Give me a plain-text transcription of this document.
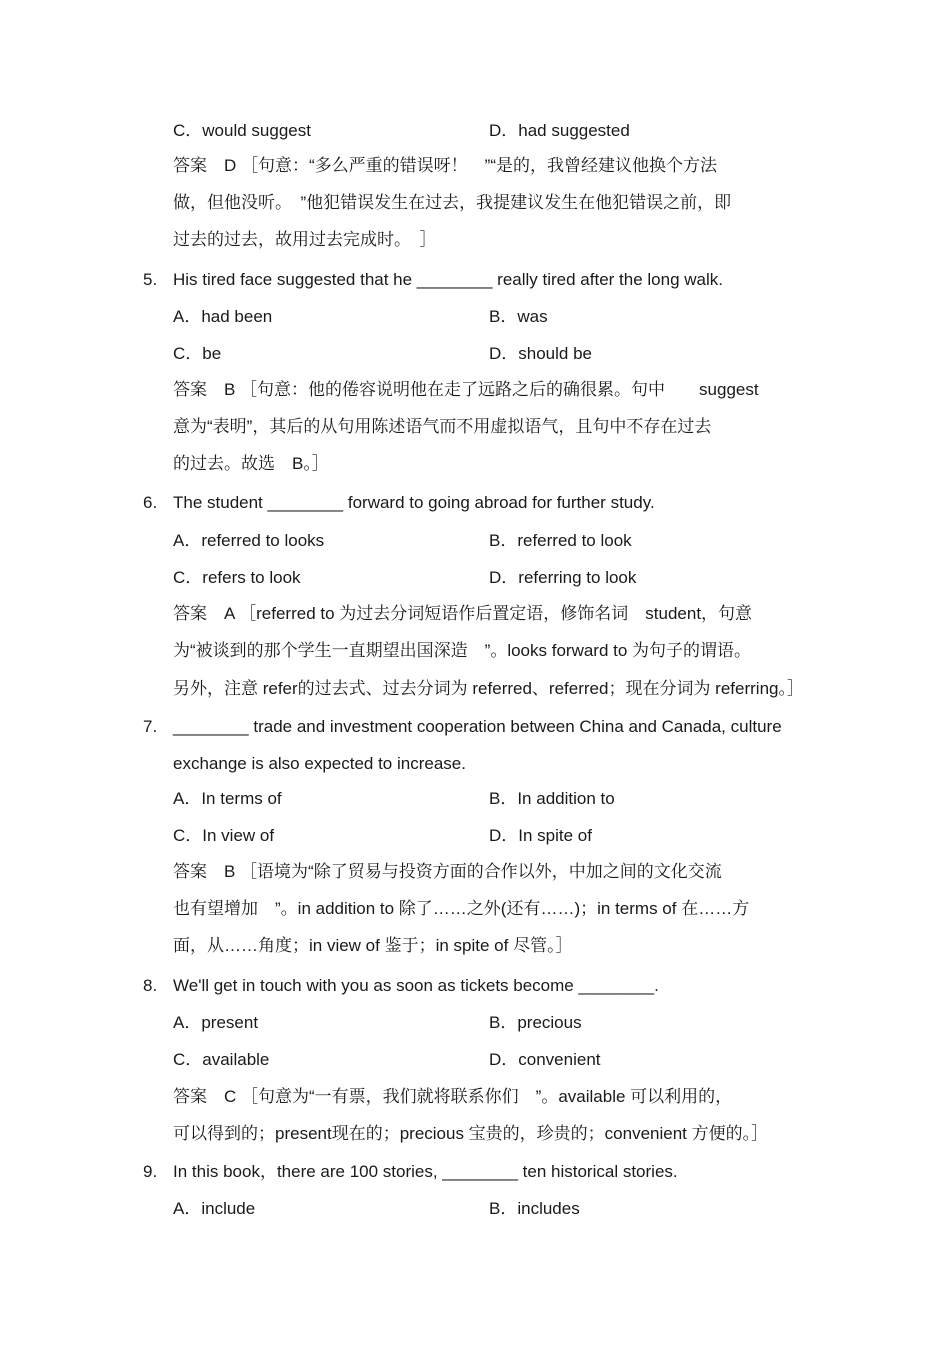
C．would suggest	D．had suggested
答案　D ［句意：“多么严重的错误呀！　”“是的，我曾经建议他换个方法
做，但他没听。　”他犯错误发生在过去，我提建议发生在他犯错误之前，即
过去的过去，故用过去完成时。　］
5. His tired face suggested that he ________ really tired after the long walk.
A．had been	B．was
C．be	D．should be
答案　B ［句意：他的倦容说明他在走了远路之后的确很累。句中　　suggest
意为“表明”，其后的从句用陈述语气而不用虚拟语气，且句中不存在过去
的过去。故选　B。］
6. The student ________ forward to going abroad for further study.
A．referred to looks	B．referred to look
C．refers to look	D．referring to look
答案　A ［referred to 为过去分词短语作后置定语，修饰名词　student，句意
为“被谈到的那个学生一直期望出国深造　”。looks forward to 为句子的谓语。
另外，注意 refer的过去式、过去分词为 referred、referred；现在分词为 referring。］
7. ________ trade and investment cooperation between China and Canada, culture
exchange is also expected to increase.
A．In terms of	B．In addition to
C．In view of	D．In spite of
答案　B ［语境为“除了贸易与投资方面的合作以外，中加之间的文化交流
也有望增加　”。in addition to 除了……之外(还有……)；in terms of 在……方
面，从……角度；in view of 鉴于；in spite of 尽管。］
8. We'll get in touch with you as soon as tickets become ________.
A．present	B．precious
C．available	D．convenient
答案　C ［句意为“一有票，我们就将联系你们　”。available 可以利用的，
可以得到的；present现在的；precious 宝贵的，珍贵的；convenient 方便的。］
9. In this book，there are 100 stories, ________ ten historical stories.
A．include	B．includes
